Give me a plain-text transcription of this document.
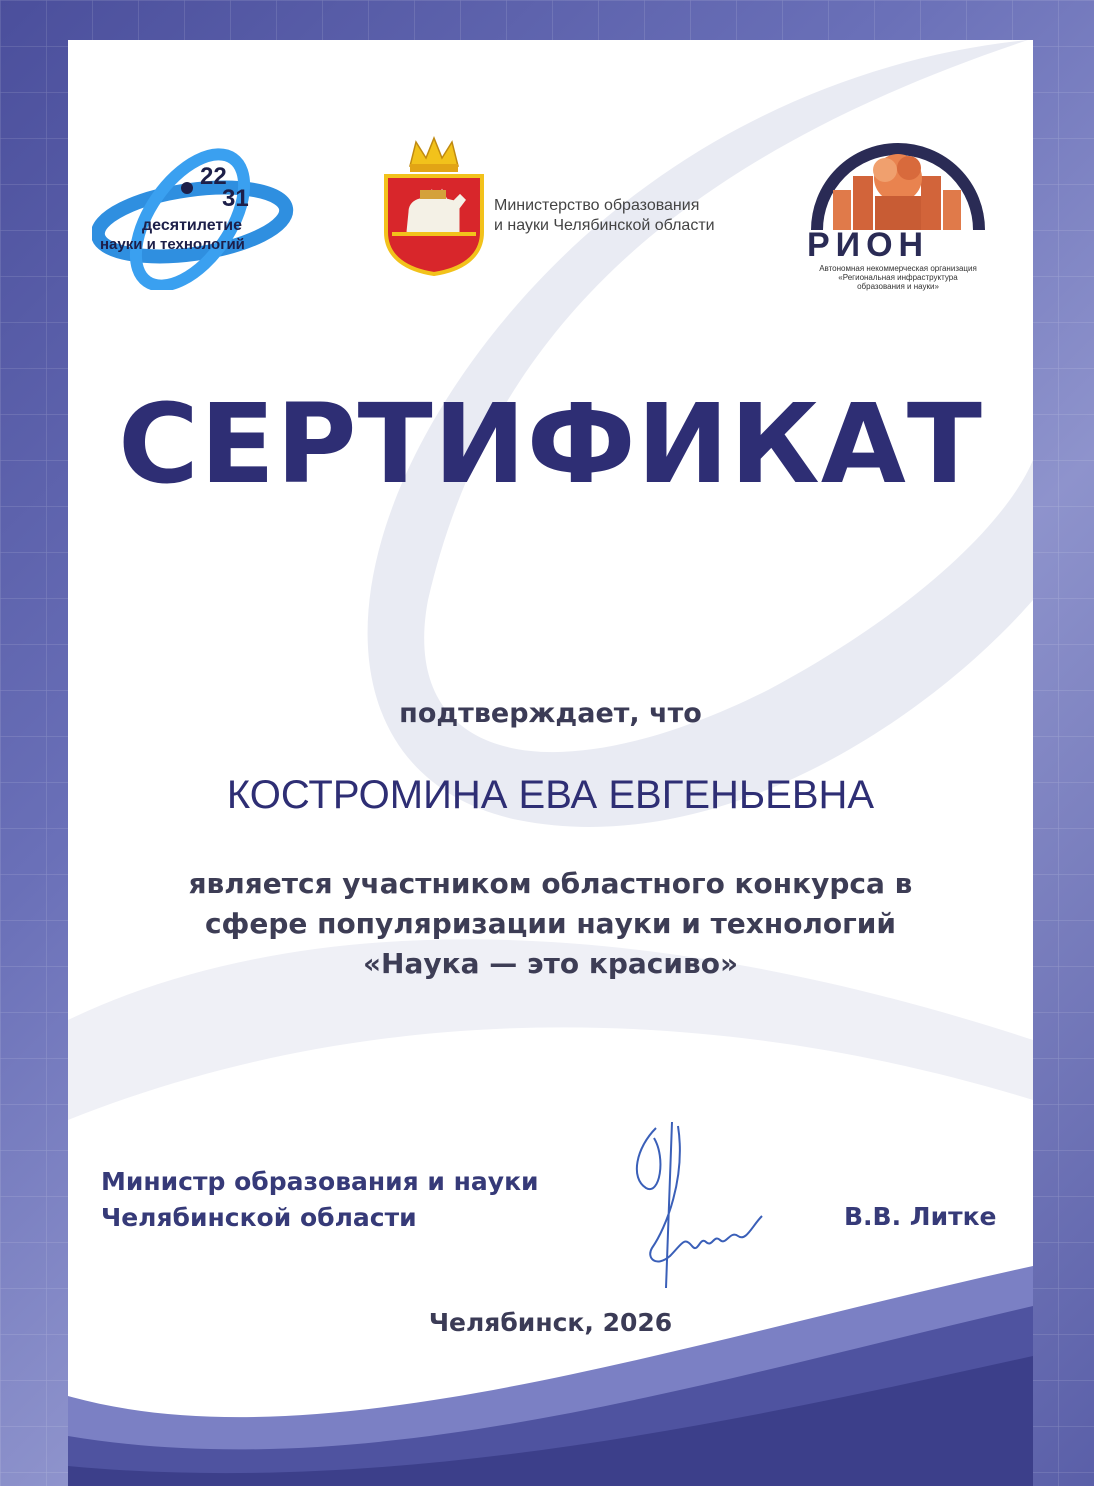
22
31
десятилетие
науки и технологий
Министерство образования
и науки Челябинской области
РИОН
Автономная некоммерческая организация
«Региональная инфраструктура
образования и науки»
СЕРТИФИКАТ
подтверждает, что
КОСТРОМИНА ЕВА ЕВГЕНЬЕВНА
является участником областного конкурса в
сфере популяризации науки и технологий
«Наука — это красиво»
Министр образования и науки
Челябинской области	В.В. Литке
Челябинск, 2026
